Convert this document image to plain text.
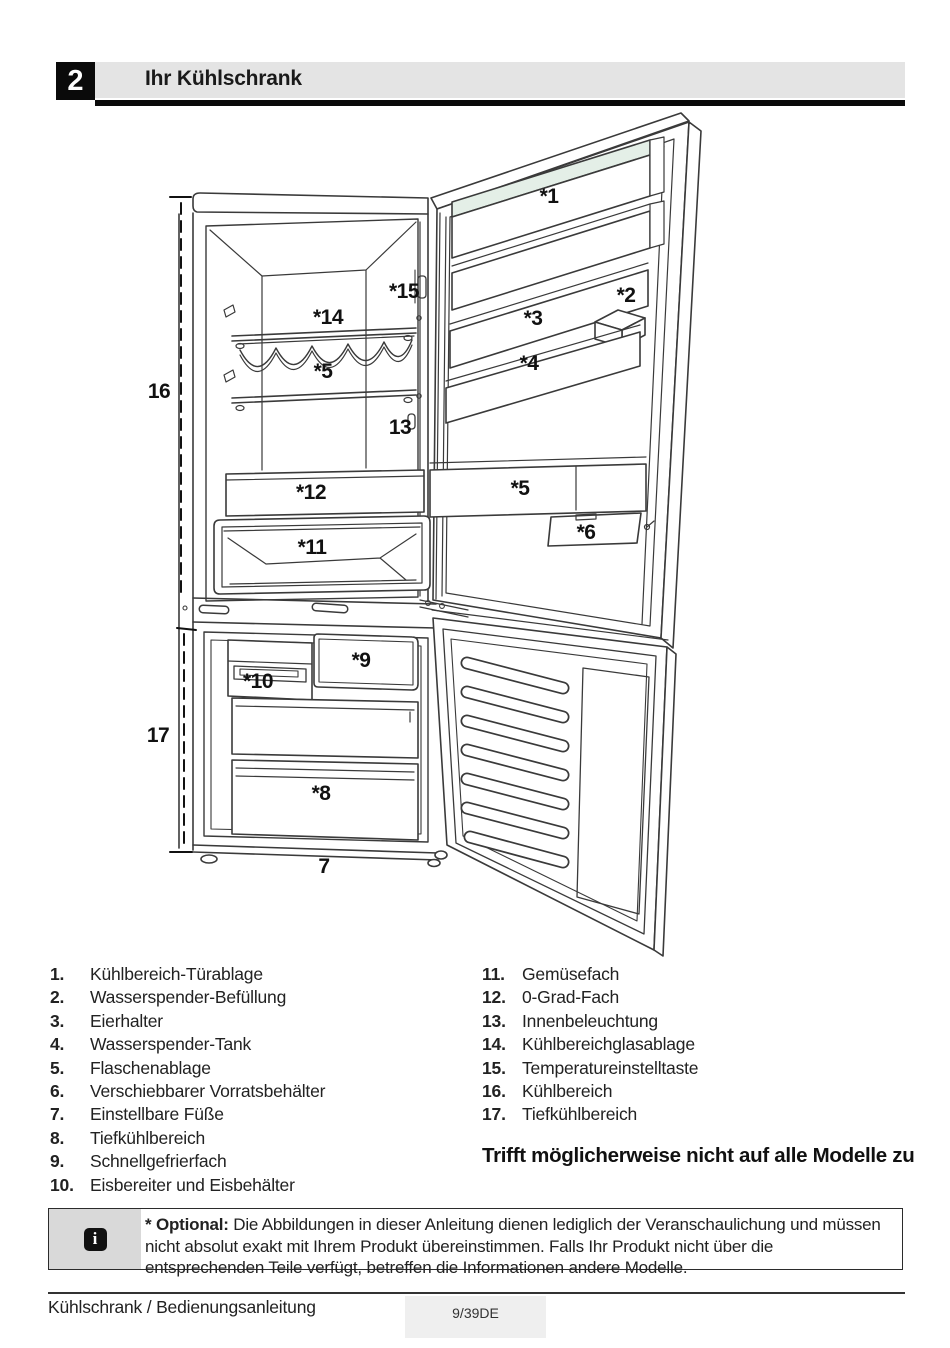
2	Ihr Kühlschrank
*1
*2
*3
*4
*5
*5
*6
7
*8
*9
*10
*11
*12
13
*14
*15
16
17
1. Kühlbereich-Türablage
2. Wasserspender-Befüllung
3. Eierhalter
4. Wasserspender-Tank
5. Flaschenablage
6. Verschiebbarer Vorratsbehälter
7. Einstellbare Füße
8. Tiefkühlbereich
9. Schnellgefrierfach
10. Eisbereiter und Eisbehälter
11. Gemüsefach
12. 0-Grad-Fach
13. Innenbeleuchtung
14. Kühlbereichglasablage
15. Temperatureinstelltaste
16. Kühlbereich
17. Tiefkühlbereich
Trifft möglicherweise nicht auf alle Modelle zu
i
* Optional: Die Abbildungen in dieser Anleitung dienen lediglich der Veranschaulichung und müssen nicht absolut exakt mit Ihrem Produkt übereinstimmen. Falls Ihr Produkt nicht über die entsprechenden Teile verfügt, betreffen die Informationen andere Modelle.
Kühlschrank / Bedienungsanleitung	9/39DE
